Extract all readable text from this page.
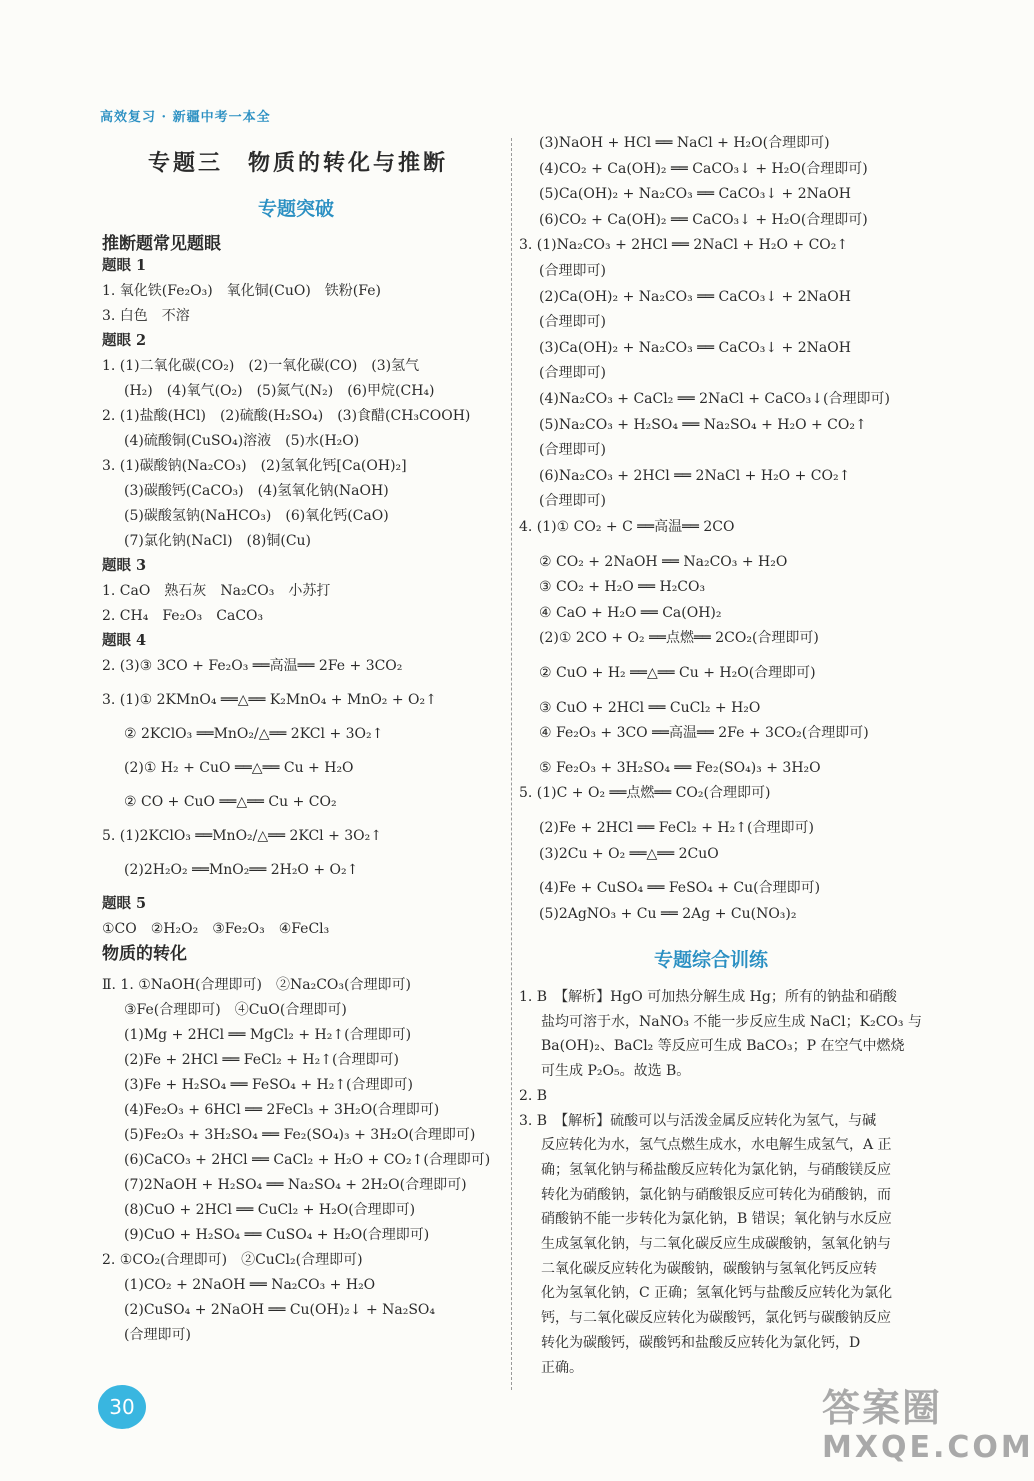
高效复习 · 新疆中考一本全
专题三　物质的转化与推断
专题突破
推断题常见题眼
题眼 1
1. 氧化铁(Fe₂O₃)　氧化铜(CuO)　铁粉(Fe)
3. 白色　不溶
题眼 2
1. (1)二氧化碳(CO₂)　(2)一氧化碳(CO)　(3)氢气
(H₂)　(4)氧气(O₂)　(5)氮气(N₂)　(6)甲烷(CH₄)
2. (1)盐酸(HCl)　(2)硫酸(H₂SO₄)　(3)食醋(CH₃COOH)
(4)硫酸铜(CuSO₄)溶液　(5)水(H₂O)
3. (1)碳酸钠(Na₂CO₃)　(2)氢氧化钙[Ca(OH)₂]
(3)碳酸钙(CaCO₃)　(4)氢氧化钠(NaOH)
(5)碳酸氢钠(NaHCO₃)　(6)氧化钙(CaO)
(7)氯化钠(NaCl)　(8)铜(Cu)
题眼 3
1. CaO　熟石灰　Na₂CO₃　小苏打
2. CH₄　Fe₂O₃　CaCO₃
题眼 4
2. (3)③ 3CO + Fe₂O₃ ══高温══ 2Fe + 3CO₂
3. (1)① 2KMnO₄ ══△══ K₂MnO₄ + MnO₂ + O₂↑
② 2KClO₃ ══MnO₂/△══ 2KCl + 3O₂↑
(2)① H₂ + CuO ══△══ Cu + H₂O
② CO + CuO ══△══ Cu + CO₂
5. (1)2KClO₃ ══MnO₂/△══ 2KCl + 3O₂↑
(2)2H₂O₂ ══MnO₂══ 2H₂O + O₂↑
题眼 5
①CO　②H₂O₂　③Fe₂O₃　④FeCl₃
物质的转化
Ⅱ. 1. ①NaOH(合理即可)　②Na₂CO₃(合理即可)
③Fe(合理即可)　④CuO(合理即可)
(1)Mg + 2HCl ══ MgCl₂ + H₂↑(合理即可)
(2)Fe + 2HCl ══ FeCl₂ + H₂↑(合理即可)
(3)Fe + H₂SO₄ ══ FeSO₄ + H₂↑(合理即可)
(4)Fe₂O₃ + 6HCl ══ 2FeCl₃ + 3H₂O(合理即可)
(5)Fe₂O₃ + 3H₂SO₄ ══ Fe₂(SO₄)₃ + 3H₂O(合理即可)
(6)CaCO₃ + 2HCl ══ CaCl₂ + H₂O + CO₂↑(合理即可)
(7)2NaOH + H₂SO₄ ══ Na₂SO₄ + 2H₂O(合理即可)
(8)CuO + 2HCl ══ CuCl₂ + H₂O(合理即可)
(9)CuO + H₂SO₄ ══ CuSO₄ + H₂O(合理即可)
2. ①CO₂(合理即可)　②CuCl₂(合理即可)
(1)CO₂ + 2NaOH ══ Na₂CO₃ + H₂O
(2)CuSO₄ + 2NaOH ══ Cu(OH)₂↓ + Na₂SO₄
(合理即可)
(3)NaOH + HCl ══ NaCl + H₂O(合理即可)
(4)CO₂ + Ca(OH)₂ ══ CaCO₃↓ + H₂O(合理即可)
(5)Ca(OH)₂ + Na₂CO₃ ══ CaCO₃↓ + 2NaOH
(6)CO₂ + Ca(OH)₂ ══ CaCO₃↓ + H₂O(合理即可)
3. (1)Na₂CO₃ + 2HCl ══ 2NaCl + H₂O + CO₂↑
(合理即可)
(2)Ca(OH)₂ + Na₂CO₃ ══ CaCO₃↓ + 2NaOH
(合理即可)
(3)Ca(OH)₂ + Na₂CO₃ ══ CaCO₃↓ + 2NaOH
(合理即可)
(4)Na₂CO₃ + CaCl₂ ══ 2NaCl + CaCO₃↓(合理即可)
(5)Na₂CO₃ + H₂SO₄ ══ Na₂SO₄ + H₂O + CO₂↑
(合理即可)
(6)Na₂CO₃ + 2HCl ══ 2NaCl + H₂O + CO₂↑
(合理即可)
4. (1)① CO₂ + C ══高温══ 2CO
② CO₂ + 2NaOH ══ Na₂CO₃ + H₂O
③ CO₂ + H₂O ══ H₂CO₃
④ CaO + H₂O ══ Ca(OH)₂
(2)① 2CO + O₂ ══点燃══ 2CO₂(合理即可)
② CuO + H₂ ══△══ Cu + H₂O(合理即可)
③ CuO + 2HCl ══ CuCl₂ + H₂O
④ Fe₂O₃ + 3CO ══高温══ 2Fe + 3CO₂(合理即可)
⑤ Fe₂O₃ + 3H₂SO₄ ══ Fe₂(SO₄)₃ + 3H₂O
5. (1)C + O₂ ══点燃══ CO₂(合理即可)
(2)Fe + 2HCl ══ FeCl₂ + H₂↑(合理即可)
(3)2Cu + O₂ ══△══ 2CuO
(4)Fe + CuSO₄ ══ FeSO₄ + Cu(合理即可)
(5)2AgNO₃ + Cu ══ 2Ag + Cu(NO₃)₂
专题综合训练
1. B　【解析】HgO 可加热分解生成 Hg；所有的钠盐和硝酸
盐均可溶于水，NaNO₃ 不能一步反应生成 NaCl；K₂CO₃ 与
Ba(OH)₂、BaCl₂ 等反应可生成 BaCO₃；P 在空气中燃烧
可生成 P₂O₅。故选 B。
2. B
3. B　【解析】硫酸可以与活泼金属反应转化为氢气，与碱
反应转化为水，氢气点燃生成水，水电解生成氢气，A 正
确；氢氧化钠与稀盐酸反应转化为氯化钠，与硝酸镁反应
转化为硝酸钠，氯化钠与硝酸银反应可转化为硝酸钠，而
硝酸钠不能一步转化为氯化钠，B 错误；氧化钠与水反应
生成氢氧化钠，与二氧化碳反应生成碳酸钠，氢氧化钠与
二氧化碳反应转化为碳酸钠，碳酸钠与氢氧化钙反应转
化为氢氧化钠，C 正确；氢氧化钙与盐酸反应转化为氯化
钙，与二氧化碳反应转化为碳酸钙，氯化钙与碳酸钠反应
转化为碳酸钙，碳酸钙和盐酸反应转化为氯化钙，D
正确。
30	答案圈
MXQE.COM
